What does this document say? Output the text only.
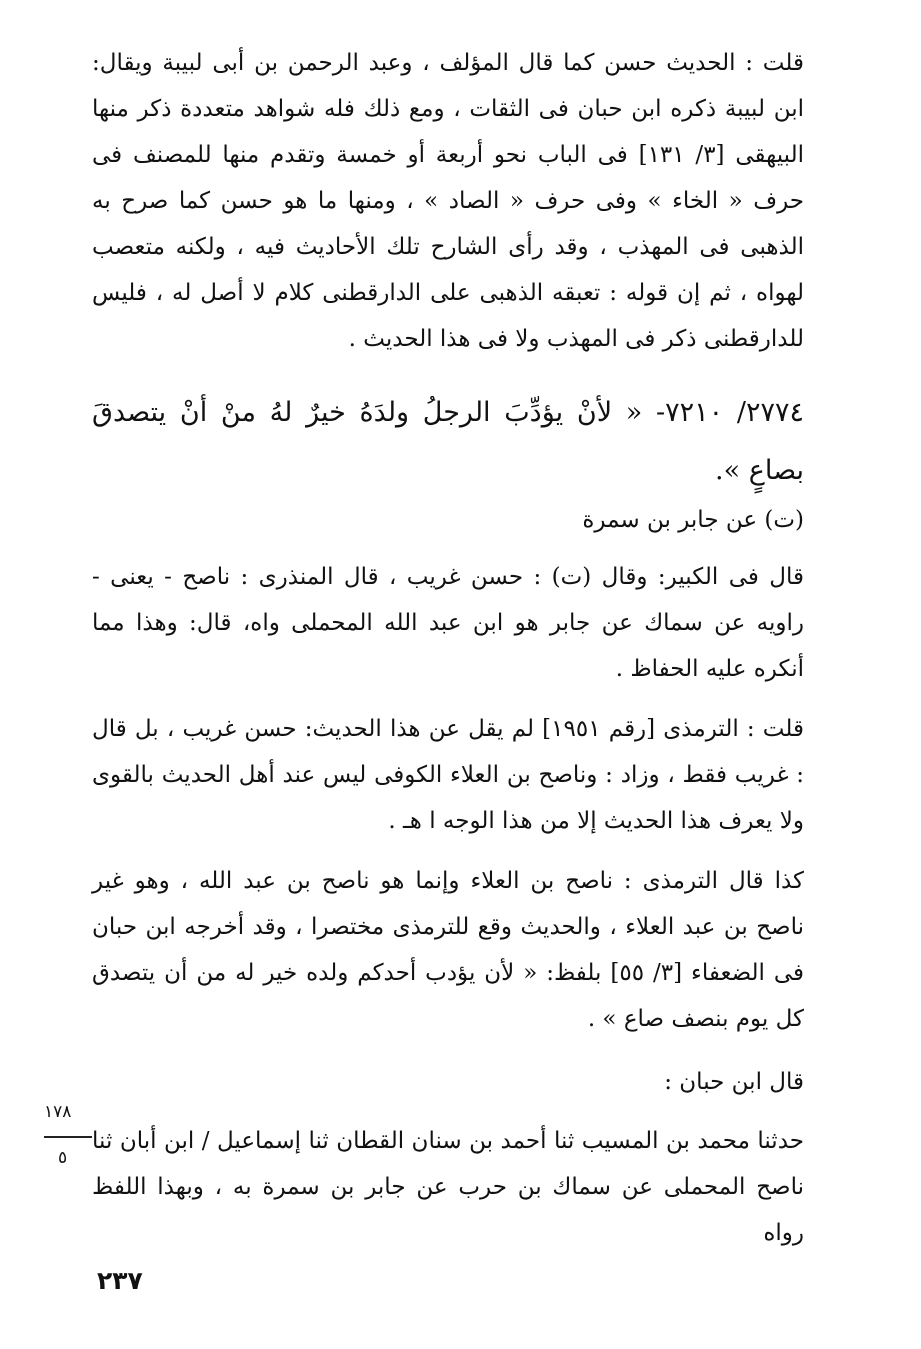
قلت : الحديث حسن كما قال المؤلف ، وعبد الرحمن بن أبى لبيبة ويقال: ابن لبيبة ذكره ابن حبان فى الثقات ، ومع ذلك فله شواهد متعددة ذكر منها البيهقى [٣/ ١٣١] فى الباب نحو أربعة أو خمسة وتقدم منها للمصنف فى حرف « الخاء » وفى حرف « الصاد » ، ومنها ما هو حسن كما صرح به الذهبى فى المهذب ، وقد رأى الشارح تلك الأحاديث فيه ، ولكنه متعصب لهواه ، ثم إن قوله : تعبقه الذهبى على الدارقطنى كلام لا أصل له ، فليس للدارقطنى ذكر فى المهذب ولا فى هذا الحديث .

٢٧٧٤/ ٧٢١٠- « لأنْ يؤدِّبَ الرجلُ ولدَهُ خيرٌ لهُ منْ أنْ يتصدقَ بصاعٍ ».

(ت) عن جابر بن سمرة

قال فى الكبير: وقال (ت) : حسن غريب ، قال المنذرى : ناصح - يعنى - راويه عن سماك عن جابر هو ابن عبد الله المحملى واه، قال: وهذا مما أنكره عليه الحفاظ .

قلت : الترمذى [رقم ١٩٥١] لم يقل عن هذا الحديث: حسن غريب ، بل قال : غريب فقط ، وزاد : وناصح بن العلاء الكوفى ليس عند أهل الحديث بالقوى ولا يعرف هذا الحديث إلا من هذا الوجه ا هـ .

كذا قال الترمذى : ناصح بن العلاء وإنما هو ناصح بن عبد الله ، وهو غير ناصح بن عبد العلاء ، والحديث وقع للترمذى مختصرا ، وقد أخرجه ابن حبان فى الضعفاء [٣/ ٥٥] بلفظ: « لأن يؤدب أحدكم ولده خير له من أن يتصدق كل يوم بنصف صاع » .

قال ابن حبان :

حدثنا محمد بن المسيب ثنا أحمد بن سنان القطان ثنا إسماعيل / ابن أبان ثنا ناصح المحملى عن سماك بن حرب عن جابر بن سمرة به ، وبهذا اللفظ رواه

١٧٨
٥
٢٣٧
